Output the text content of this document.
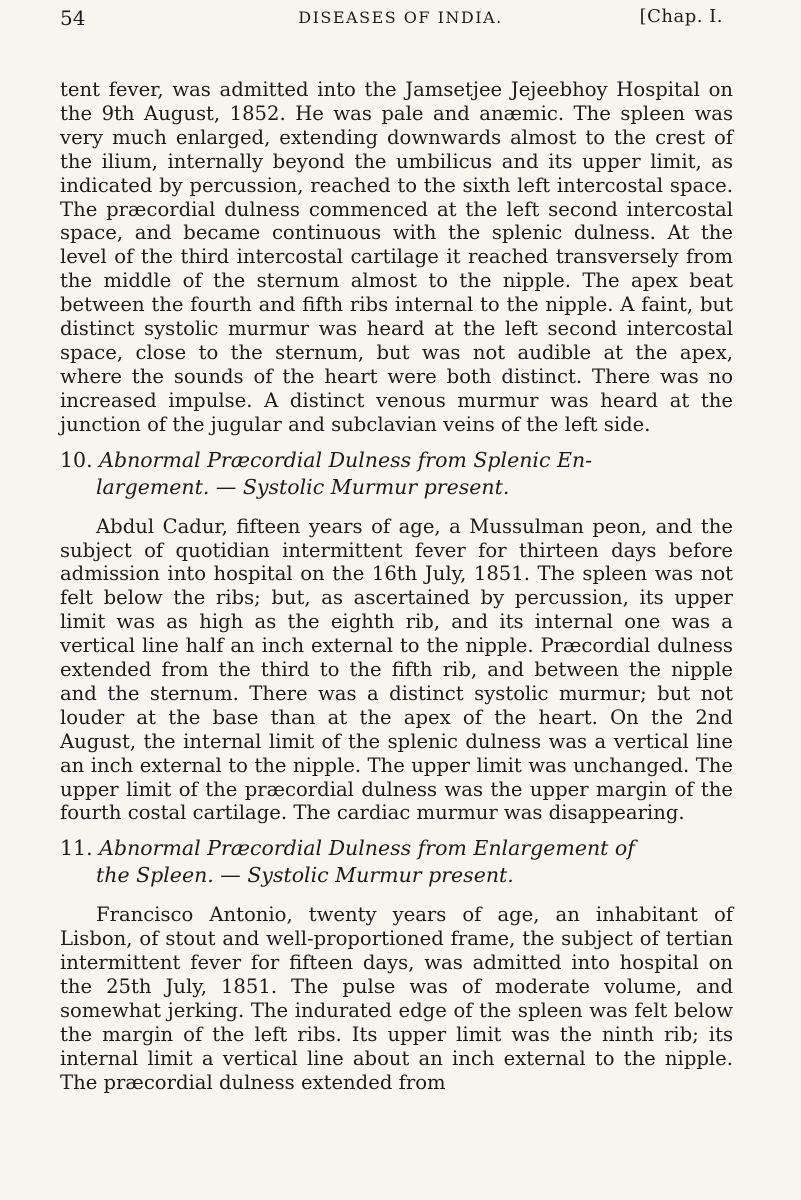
54	DISEASES OF INDIA.	[Chap. I.

tent fever, was admitted into the Jamsetjee Jejeebhoy Hospital on the 9th August, 1852. He was pale and anæmic. The spleen was very much enlarged, extending downwards almost to the crest of the ilium, internally beyond the umbilicus and its upper limit, as indicated by percussion, reached to the sixth left intercostal space. The præcordial dulness commenced at the left second intercostal space, and became continuous with the splenic dulness. At the level of the third intercostal cartilage it reached transversely from the middle of the sternum almost to the nipple. The apex beat between the fourth and fifth ribs internal to the nipple. A faint, but distinct systolic murmur was heard at the left second intercostal space, close to the sternum, but was not audible at the apex, where the sounds of the heart were both distinct. There was no increased impulse. A distinct venous murmur was heard at the junction of the jugular and subclavian veins of the left side.

10. Abnormal Præcordial Dulness from Splenic En-
largement. — Systolic Murmur present.

Abdul Cadur, fifteen years of age, a Mussulman peon, and the subject of quotidian intermittent fever for thirteen days before admission into hospital on the 16th July, 1851. The spleen was not felt below the ribs; but, as ascertained by percussion, its upper limit was as high as the eighth rib, and its internal one was a vertical line half an inch external to the nipple. Præcordial dulness extended from the third to the fifth rib, and between the nipple and the sternum. There was a distinct systolic murmur; but not louder at the base than at the apex of the heart. On the 2nd August, the internal limit of the splenic dulness was a vertical line an inch external to the nipple. The upper limit was unchanged. The upper limit of the præcordial dulness was the upper margin of the fourth costal cartilage. The cardiac murmur was disappearing.

11. Abnormal Præcordial Dulness from Enlargement of
the Spleen. — Systolic Murmur present.

Francisco Antonio, twenty years of age, an inhabitant of Lisbon, of stout and well-proportioned frame, the subject of tertian intermittent fever for fifteen days, was admitted into hospital on the 25th July, 1851. The pulse was of moderate volume, and somewhat jerking. The indurated edge of the spleen was felt below the margin of the left ribs. Its upper limit was the ninth rib; its internal limit a vertical line about an inch external to the nipple. The præcordial dulness extended from
